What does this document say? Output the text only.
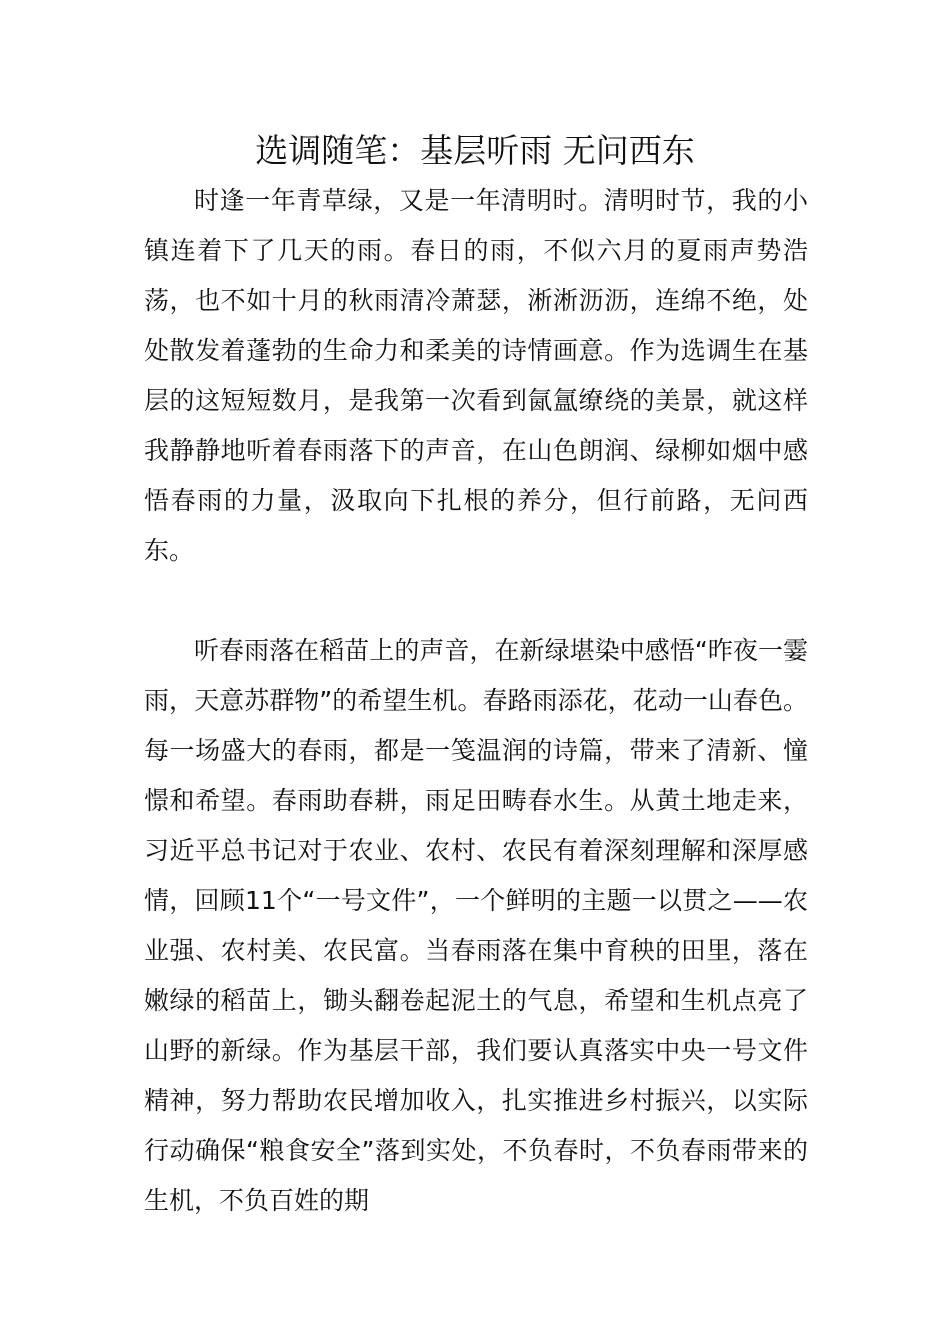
选调随笔：基层听雨 无问西东

时逢一年青草绿，又是一年清明时。清明时节，我的小镇连着下了几天的雨。春日的雨，不似六月的夏雨声势浩荡，也不如十月的秋雨清冷萧瑟，淅淅沥沥，连绵不绝，处处散发着蓬勃的生命力和柔美的诗情画意。作为选调生在基层的这短短数月，是我第一次看到氤氲缭绕的美景，就这样我静静地听着春雨落下的声音，在山色朗润、绿柳如烟中感悟春雨的力量，汲取向下扎根的养分，但行前路，无问西东。

听春雨落在稻苗上的声音，在新绿堪染中感悟“昨夜一霎雨，天意苏群物”的希望生机。春路雨添花，花动一山春色。每一场盛大的春雨，都是一笺温润的诗篇，带来了清新、憧憬和希望。春雨助春耕，雨足田畴春水生。从黄土地走来，习近平总书记对于农业、农村、农民有着深刻理解和深厚感情，回顾11个“一号文件”，一个鲜明的主题一以贯之——农业强、农村美、农民富。当春雨落在集中育秧的田里，落在嫩绿的稻苗上，锄头翻卷起泥土的气息，希望和生机点亮了山野的新绿。作为基层干部，我们要认真落实中央一号文件精神，努力帮助农民增加收入，扎实推进乡村振兴，以实际行动确保“粮食安全”落到实处，不负春时，不负春雨带来的生机，不负百姓的期
